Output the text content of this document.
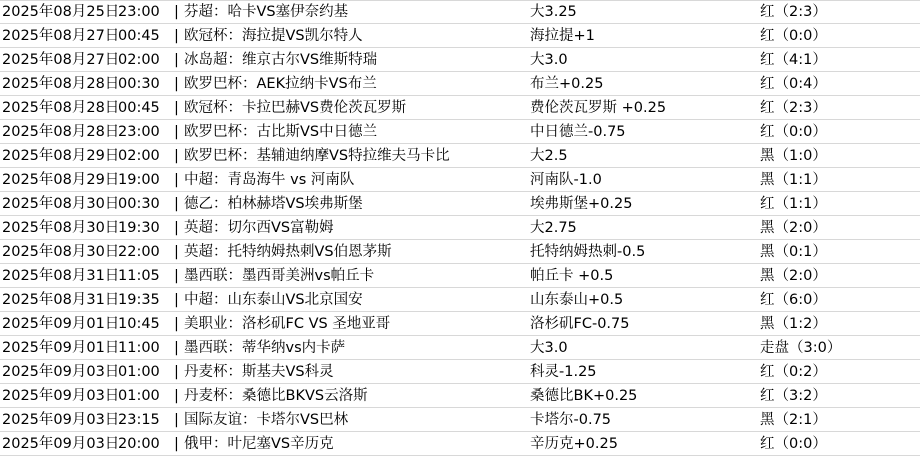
2025年08月25日
23:00 | 芬超：哈卡VS塞伊奈约基	大3.25	红（2:3）
2025年08月27日
00:45 | 欧冠杯：海拉提VS凯尔特人	海拉提+1	红（0:0）
2025年08月27日
02:00 | 冰岛超：维京古尔VS维斯特瑞	大3.0	红（4:1）
2025年08月28日
00:30 | 欧罗巴杯：AEK拉纳卡VS布兰	布兰+0.25	红（0:4）
2025年08月28日
00:45 | 欧冠杯：卡拉巴赫VS费伦茨瓦罗斯	费伦茨瓦罗斯 +0.25	红（2:3）
2025年08月28日
23:00 | 欧罗巴杯：古比斯VS中日德兰	中日德兰-0.75	红（0:0）
2025年08月29日
02:00 | 欧罗巴杯：基辅迪纳摩VS特拉维夫马卡比	大2.5	黑（1:0）
2025年08月29日
19:00 | 中超：青岛海牛 vs 河南队	河南队-1.0	黑（1:1）
2025年08月30日
00:30 | 德乙：柏林赫塔VS埃弗斯堡	埃弗斯堡+0.25	红（1:1）
2025年08月30日
19:30 | 英超：切尔西VS富勒姆	大2.75	黑（2:0）
2025年08月30日
22:00 | 英超：托特纳姆热刺VS伯恩茅斯	托特纳姆热刺-0.5	黑（0:1）
2025年08月31日
11:05 | 墨西联：墨西哥美洲vs帕丘卡	帕丘卡 +0.5	黑（2:0）
2025年08月31日
19:35 | 中超：山东泰山VS北京国安	山东泰山+0.5	红（6:0）
2025年09月01日
10:45 | 美职业：洛杉矶FC VS 圣地亚哥	洛杉矶FC-0.75	黑（1:2）
2025年09月01日
11:00 | 墨西联：蒂华纳vs内卡萨	大3.0	走盘（3:0）
2025年09月03日
01:00 | 丹麦杯：斯基夫VS科灵	科灵-1.25	红（0:2）
2025年09月03日
01:00 | 丹麦杯：桑德比BKVS云洛斯	桑德比BK+0.25	红（3:2）
2025年09月03日
23:15 | 国际友谊：卡塔尔VS巴林	卡塔尔-0.75	黑（2:1）
2025年09月03日
20:00 | 俄甲：叶尼塞VS辛历克	辛历克+0.25	红（0:0）
